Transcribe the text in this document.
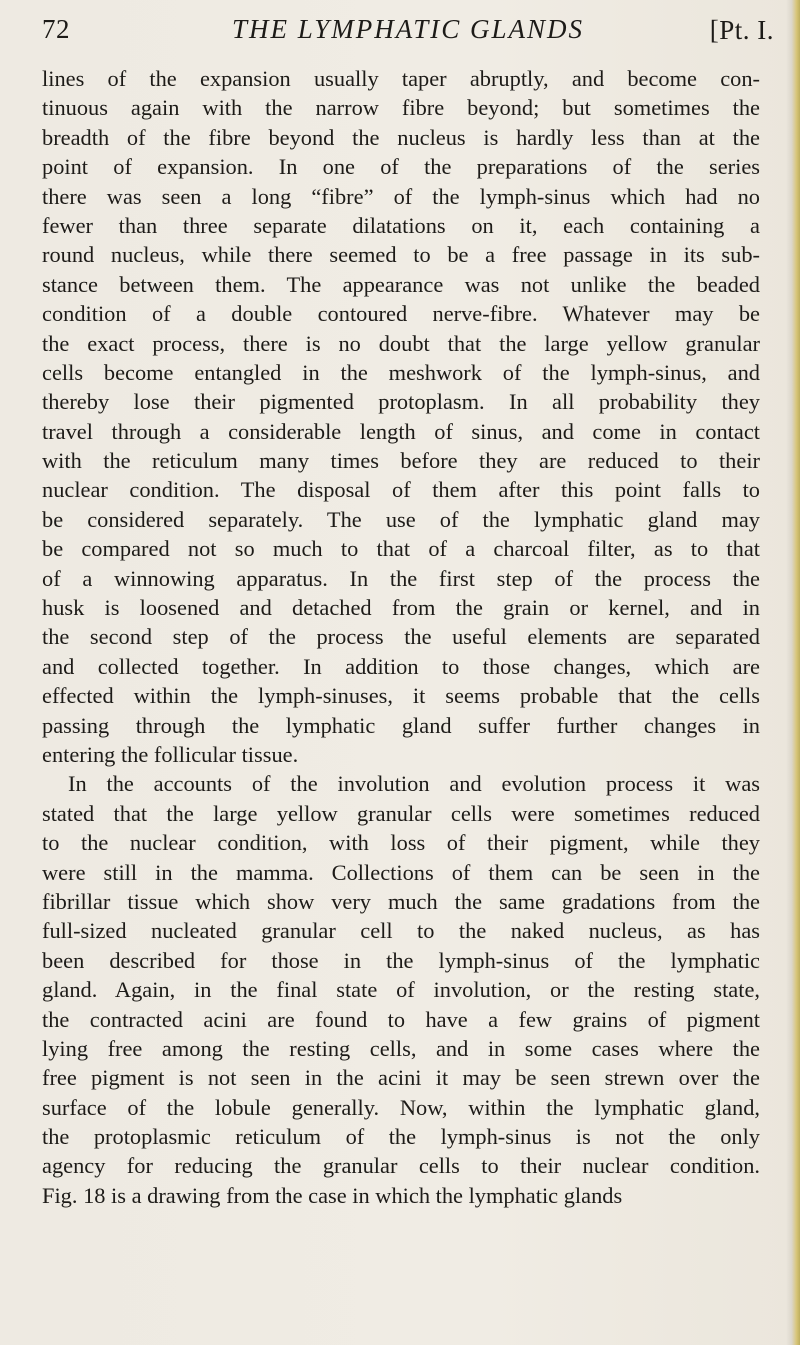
72	THE LYMPHATIC GLANDS	[Pt. I.
lines of the expansion usually taper abruptly, and become con-
tinuous again with the narrow fibre beyond; but sometimes the
breadth of the fibre beyond the nucleus is hardly less than at the
point of expansion. In one of the preparations of the series
there was seen a long “fibre” of the lymph-sinus which had no
fewer than three separate dilatations on it, each containing a
round nucleus, while there seemed to be a free passage in its sub-
stance between them. The appearance was not unlike the beaded
condition of a double contoured nerve-fibre. Whatever may be
the exact process, there is no doubt that the large yellow granular
cells become entangled in the meshwork of the lymph-sinus, and
thereby lose their pigmented protoplasm. In all probability they
travel through a considerable length of sinus, and come in contact
with the reticulum many times before they are reduced to their
nuclear condition. The disposal of them after this point falls to
be considered separately. The use of the lymphatic gland may
be compared not so much to that of a charcoal filter, as to that
of a winnowing apparatus. In the first step of the process the
husk is loosened and detached from the grain or kernel, and in
the second step of the process the useful elements are separated
and collected together. In addition to those changes, which are
effected within the lymph-sinuses, it seems probable that the cells
passing through the lymphatic gland suffer further changes in
entering the follicular tissue.
In the accounts of the involution and evolution process it was
stated that the large yellow granular cells were sometimes reduced
to the nuclear condition, with loss of their pigment, while they
were still in the mamma. Collections of them can be seen in the
fibrillar tissue which show very much the same gradations from the
full-sized nucleated granular cell to the naked nucleus, as has
been described for those in the lymph-sinus of the lymphatic
gland. Again, in the final state of involution, or the resting state,
the contracted acini are found to have a few grains of pigment
lying free among the resting cells, and in some cases where the
free pigment is not seen in the acini it may be seen strewn over the
surface of the lobule generally. Now, within the lymphatic gland,
the protoplasmic reticulum of the lymph-sinus is not the only
agency for reducing the granular cells to their nuclear condition.
Fig. 18 is a drawing from the case in which the lymphatic glands
